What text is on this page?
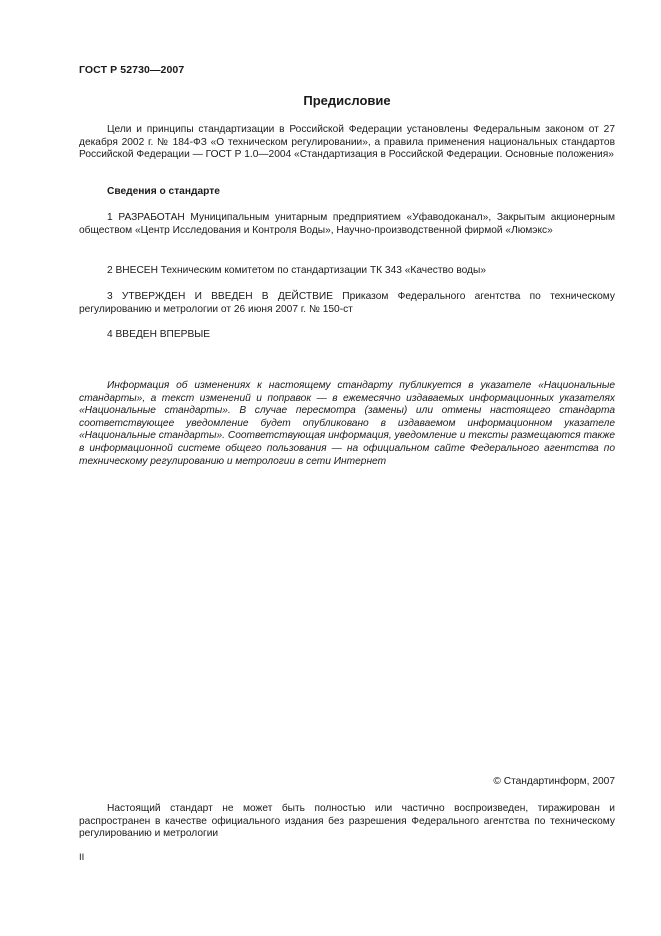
ГОСТ Р 52730—2007
Предисловие
Цели и принципы стандартизации в Российской Федерации установлены Федеральным законом от 27 декабря 2002 г. № 184-ФЗ «О техническом регулировании», а правила применения национальных стандартов Российской Федерации — ГОСТ Р 1.0—2004 «Стандартизация в Российской Федерации. Основные положения»
Сведения о стандарте
1 РАЗРАБОТАН Муниципальным унитарным предприятием «Уфаводоканал», Закрытым акционерным обществом «Центр Исследования и Контроля Воды», Научно-производственной фирмой «Люмэкс»
2 ВНЕСЕН Техническим комитетом по стандартизации ТК 343 «Качество воды»
3 УТВЕРЖДЕН И ВВЕДЕН В ДЕЙСТВИЕ Приказом Федерального агентства по техническому регулированию и метрологии от 26 июня 2007 г. № 150-ст
4 ВВЕДЕН ВПЕРВЫЕ
Информация об изменениях к настоящему стандарту публикуется в указателе «Национальные стандарты», а текст изменений и поправок — в ежемесячно издаваемых информационных указателях «Национальные стандарты». В случае пересмотра (замены) или отмены настоящего стандарта соответствующее уведомление будет опубликовано в издаваемом информационном указателе «Национальные стандарты». Соответствующая информация, уведомление и тексты размещаются также в информационной системе общего пользования — на официальном сайте Федерального агентства по техническому регулированию и метрологии в сети Интернет
© Стандартинформ, 2007
Настоящий стандарт не может быть полностью или частично воспроизведен, тиражирован и распространен в качестве официального издания без разрешения Федерального агентства по техническому регулированию и метрологии
II
